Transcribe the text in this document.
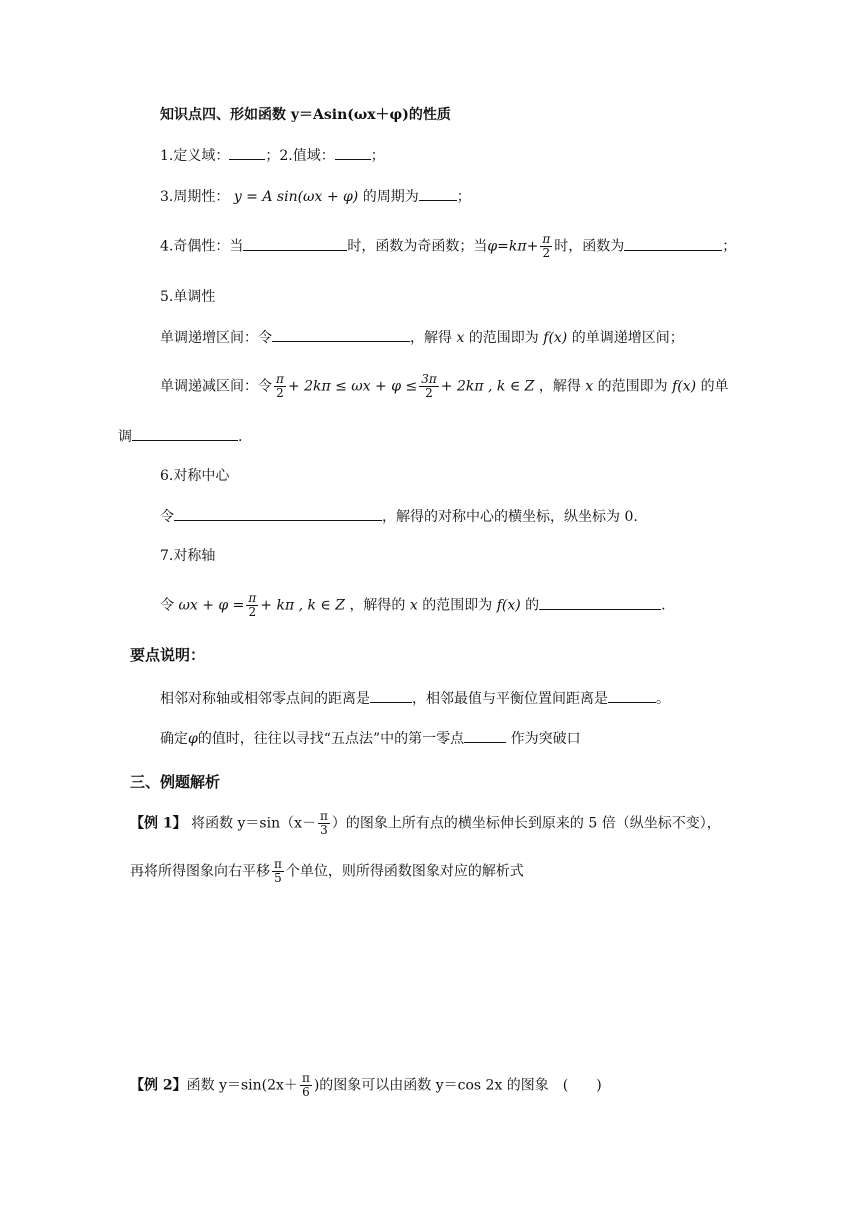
知识点四、形如函数 y＝Asin(ωx＋φ)的性质
1.定义域：	；2.值域：	；
3.周期性： y = A sin(ωx + φ) 的周期为	；
4.奇偶性：当	时，函数为奇函数；当$\varphi=k\pi+ \frac{\pi}{2}$ 时，函数为	；
5.单调性
单调递增区间：令	，解得 x 的范围即为 f(x) 的单调递增区间；
单调递减区间：令 $\frac{\pi}{2} + 2k\pi \le \omega x + \varphi \le \frac{3\pi}{2} + 2k\pi$ , k ∈ Z ，解得 x 的范围即为 f(x) 的单
调	.
6.对称中心
令	，解得的对称中心的横坐标，纵坐标为 0.
7.对称轴
令 $\omega x + \varphi = \frac{\pi}{2} + k\pi$ , k ∈ Z ，解得的 x 的范围即为 f(x) 的	.
要点说明：
相邻对称轴或相邻零点间的距离是	，相邻最值与平衡位置间距离是	。
确定φ的值时，往往以寻找“五点法”中的第一零点	作为突破口
三、例题解析
【例 1】 将函数 $y=\sin(x- \frac{\pi}{3}$ ）的图象上所有点的横坐标伸长到原来的 5 倍（纵坐标不变），
再将所得图象向右平移 $\frac{\pi}{5}$ 个单位，则所得函数图象对应的解析式
【例 2】函数 $y=\sin(2x+ \frac{\pi}{6}$ )的图象可以由函数 y＝cos 2x 的图象　(　　)
